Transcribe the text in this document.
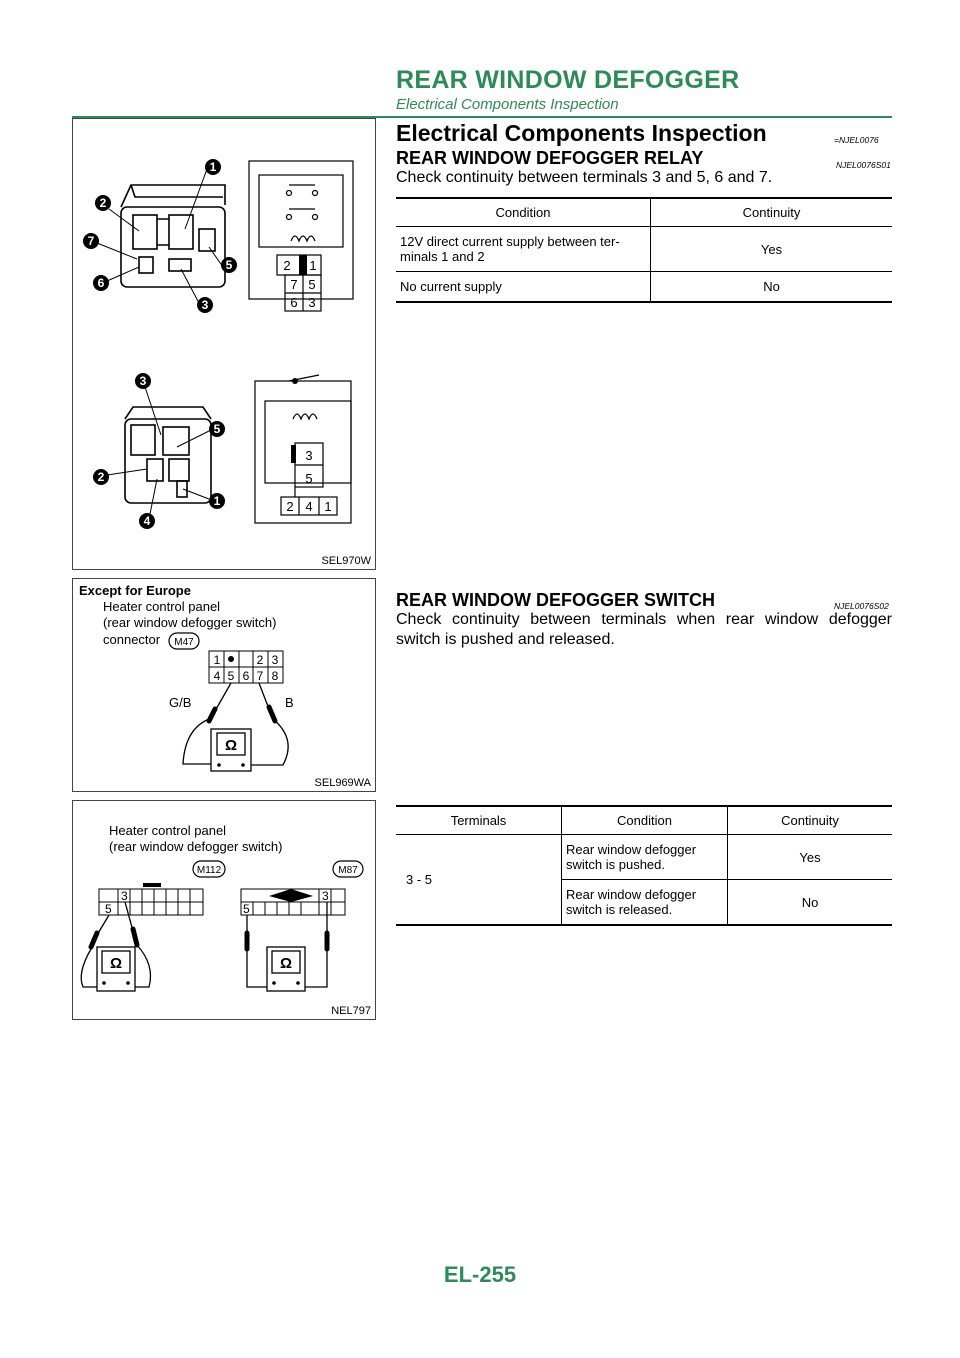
REAR WINDOW DEFOGGER
Electrical Components Inspection
1
2
7
5
6
3
2 1
7 5
6 3
3
5
2
1
4
3
5
2 4 1
SEL970W
Except for Europe
Heater control panel
(rear window defogger switch)
connector M47
1	2 3
4 5 6 7 8
G/B	B
Ω
SEL969WA
Heater control panel
(rear window defogger switch)
M112	M87
3
5
3
5
Ω	Ω
NEL797
Electrical Components Inspection	=NJEL0076
REAR WINDOW DEFOGGER RELAY	NJEL0076S01
Check continuity between terminals 3 and 5, 6 and 7.
Condition	Continuity

12V direct current supply between ter-
minals 1 and 2	Yes
No current supply	No
REAR WINDOW DEFOGGER SWITCH	NJEL0076S02
Check continuity between terminals when rear window defogger switch is pushed and released.
Terminals	Condition	Continuity
3 - 5	Rear window defogger
switch is pushed.	Yes

	Rear window defogger
switch is released.	No
EL-255
